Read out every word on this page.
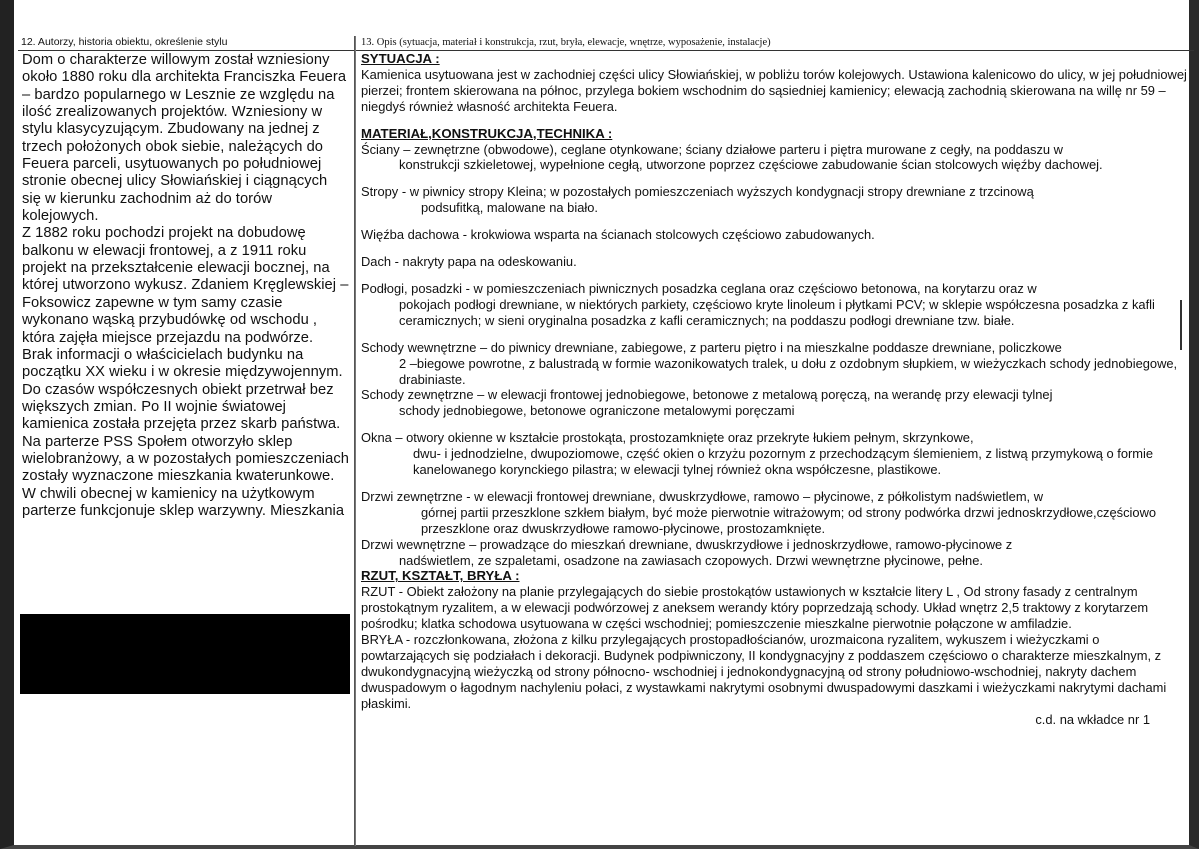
12. Autorzy, historia obiektu, określenie stylu

Dom o charakterze willowym został wzniesiony około 1880 roku dla architekta Franciszka Feuera – bardzo popularnego w Lesznie ze względu na ilość zrealizowanych projektów. Wzniesiony w stylu klasycyzującym. Zbudowany na jednej z trzech położonych obok siebie, należących do Feuera parceli, usytuowanych po południowej stronie obecnej ulicy Słowiańskiej i ciągnących się w kierunku zachodnim aż do torów kolejowych.

Z 1882 roku pochodzi projekt na dobudowę balkonu w elewacji frontowej, a z 1911 roku projekt na przekształcenie elewacji bocznej, na której utworzono wykusz. Zdaniem Kręglewskiej – Foksowicz zapewne w tym samy czasie wykonano wąską przybudówkę od wschodu , która zajęła miejsce przejazdu na podwórze.

Brak informacji o właścicielach budynku na początku XX wieku i w okresie międzywojennym.

Do czasów współczesnych obiekt przetrwał bez większych zmian. Po II wojnie światowej kamienica została przejęta przez skarb państwa. Na parterze PSS Społem otworzyło sklep wielobranżowy, a w pozostałych pomieszczeniach zostały wyznaczone mieszkania kwaterunkowe. W chwili obecnej w kamienicy na użytkowym parterze funkcjonuje sklep warzywny. Mieszkania

13. Opis (sytuacja, materiał i konstrukcja, rzut, bryła, elewacje, wnętrze, wyposażenie, instalacje)

SYTUACJA :

Kamienica usytuowana jest w zachodniej części ulicy Słowiańskiej, w pobliżu torów kolejowych. Ustawiona kalenicowo do ulicy, w jej południowej pierzei; frontem skierowana na północ, przylega bokiem wschodnim do sąsiedniej kamienicy; elewacją zachodnią skierowana na willę nr 59 – niegdyś również własność architekta Feuera.

MATERIAŁ,KONSTRUKCJA,TECHNIKA :

Ściany – zewnętrzne (obwodowe), ceglane otynkowane; ściany działowe parteru i piętra murowane z cegły, na poddaszu w

konstrukcji szkieletowej, wypełnione cegłą, utworzone poprzez częściowe zabudowanie ścian stolcowych więźby dachowej.

Stropy - w piwnicy stropy Kleina; w pozostałych pomieszczeniach wyższych kondygnacji stropy drewniane z trzcinową

podsufitką, malowane na biało.

Więźba dachowa - krokwiowa wsparta na ścianach stolcowych częściowo zabudowanych.

Dach - nakryty papa na odeskowaniu.

Podłogi, posadzki - w pomieszczeniach piwnicznych posadzka ceglana oraz częściowo betonowa, na korytarzu oraz w

pokojach podłogi drewniane, w niektórych parkiety, częściowo kryte linoleum i płytkami PCV; w sklepie współczesna posadzka z kafli ceramicznych; w sieni oryginalna posadzka z kafli ceramicznych; na poddaszu podłogi drewniane tzw. białe.

Schody wewnętrzne – do piwnicy drewniane, zabiegowe, z parteru piętro i na mieszkalne poddasze drewniane, policzkowe

2 –biegowe powrotne, z balustradą w formie wazonikowatych tralek, u dołu z ozdobnym słupkiem, w wieżyczkach schody jednobiegowe, drabiniaste.

Schody zewnętrzne – w elewacji frontowej jednobiegowe, betonowe z metalową poręczą, na werandę przy elewacji tylnej

schody jednobiegowe, betonowe ograniczone metalowymi poręczami

Okna – otwory okienne w kształcie prostokąta, prostozamknięte oraz przekryte łukiem pełnym, skrzynkowe,

dwu- i jednodzielne, dwupoziomowe, część okien o krzyżu pozornym z przechodzącym ślemieniem, z listwą przymykową o formie kanelowanego korynckiego pilastra; w elewacji tylnej również okna współczesne, plastikowe.

Drzwi zewnętrzne - w elewacji frontowej drewniane, dwuskrzydłowe, ramowo – płycinowe, z półkolistym nadświetlem, w

górnej partii przeszklone szkłem białym, być może pierwotnie witrażowym; od strony podwórka drzwi jednoskrzydłowe,częściowo przeszklone oraz dwuskrzydłowe ramowo-płycinowe, prostozamknięte.

Drzwi wewnętrzne – prowadzące do mieszkań drewniane, dwuskrzydłowe i jednoskrzydłowe, ramowo-płycinowe z

nadświetlem, ze szpaletami, osadzone na zawiasach czopowych. Drzwi wewnętrzne płycinowe, pełne.

RZUT, KSZTAŁT, BRYŁA :

RZUT - Obiekt założony na planie przylegających do siebie prostokątów ustawionych w kształcie litery L , Od strony fasady z centralnym prostokątnym ryzalitem, a w elewacji podwórzowej z aneksem werandy który poprzedzają schody. Układ wnętrz 2,5 traktowy z korytarzem pośrodku; klatka schodowa usytuowana w części wschodniej; pomieszczenie mieszkalne pierwotnie połączone w amfiladzie.

BRYŁA - rozczłonkowana, złożona z kilku przylegających prostopadłościanów, urozmaicona ryzalitem, wykuszem i wieżyczkami o powtarzających się podziałach i dekoracji. Budynek podpiwniczony, II kondygnacyjny z poddaszem częściowo o charakterze mieszkalnym, z dwukondygnacyjną wieżyczką od strony północno- wschodniej i jednokondygnacyjną od strony południowo-wschodniej, nakryty dachem dwuspadowym o łagodnym nachyleniu połaci, z wystawkami nakrytymi osobnymi dwuspadowymi daszkami i wieżyczkami nakrytymi dachami płaskimi.

c.d. na wkładce nr 1
